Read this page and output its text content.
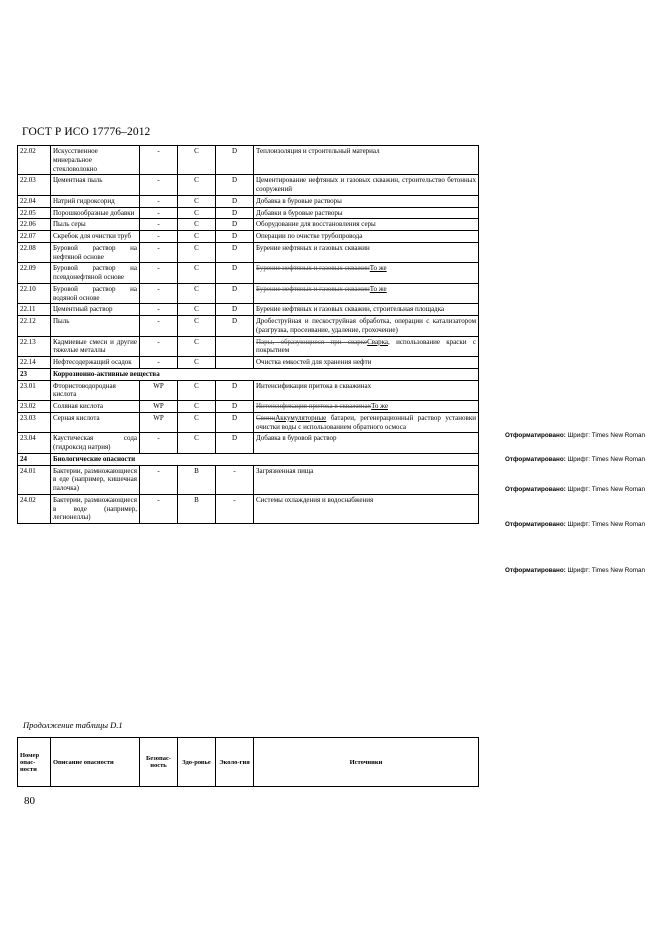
ГОСТ Р ИСО 17776–2012
22.02	Искусственное минеральное стекловолокно	-	C	D	Теплоизоляция и строительный материал
22.03	Цементная пыль	-	C	D	Цементирование нефтяных и газовых скважин, строительство бетонных сооружений
22.04	Натрий гидроксорид	-	C	D	Добавка в буровые растворы
22.05	Порошкообразные добавки	-	C	D	Добавки в буровые растворы
22.06	Пыль серы	-	C	D	Оборудование для восстановления серы
22.07	Скребок для очистки труб	-	C	D	Операции по очистке трубопровода
22.08	Буровой раствор на нефтяной основе	-	C	D	Бурение нефтяных и газовых скважин
22.09	Буровой раствор на псевдонефтяной основе	-	C	D	Бурение нефтяных и газовых скважинТо же
22.10	Буровой раствор на водяной основе	-	C	D	Бурение нефтяных и газовых скважинТо же
22.11	Цементный раствор	-	C	D	Бурение нефтяных и газовых скважин, строительная площадка
22.12	Пыль	-	C	D	Дробеструйная и пескоструйная обработка, операции с катализатором (разгрузка, просеивание, удаление, грохочение)
22.13	Кадмиевые смеси и другие тяжелые металлы	-	C		Пары, образующиеся при сваркеСварка, использование краски с покрытием
22.14	Нефтесодержащий осадок	-	C		Очистка емкостей для хранения нефти
23	Коррозионно-активные вещества				
23.01	Фтористоводородная кислота	WP	C	D	Интенсификация притока в скважинах
23.02	Соляная кислота	WP	C	D	Интенсификация притока в скважинахТо же
23.03	Серная кислота	WP	C	D	СвинцАккумуляторные батареи, регенерационный раствор установки очистки воды с использованием обратного осмоса
23.04	Каустическая сода (гидроксид натрия)	-	C	D	Добавка в буровой раствор
24	Биологические опасности				
24.01	Бактерии, размножающиеся в еде (например, кишечная палочка)	-	B	-	Загрязненная пища
24.02	Бактерии, размножающиеся в воде (например, легионеллы)	-	B	-	Системы охлаждения и водоснабжения
Отформатировано: Шрифт: Times New Roman
Отформатировано: Шрифт: Times New Roman
Отформатировано: Шрифт: Times New Roman
Отформатировано: Шрифт: Times New Roman
Отформатировано: Шрифт: Times New Roman
Продолжение таблицы D.1
Номер опас-ности	Описание опасности	Безопас-ность	Здо-ровье	Эколо-гия	Источники
80
